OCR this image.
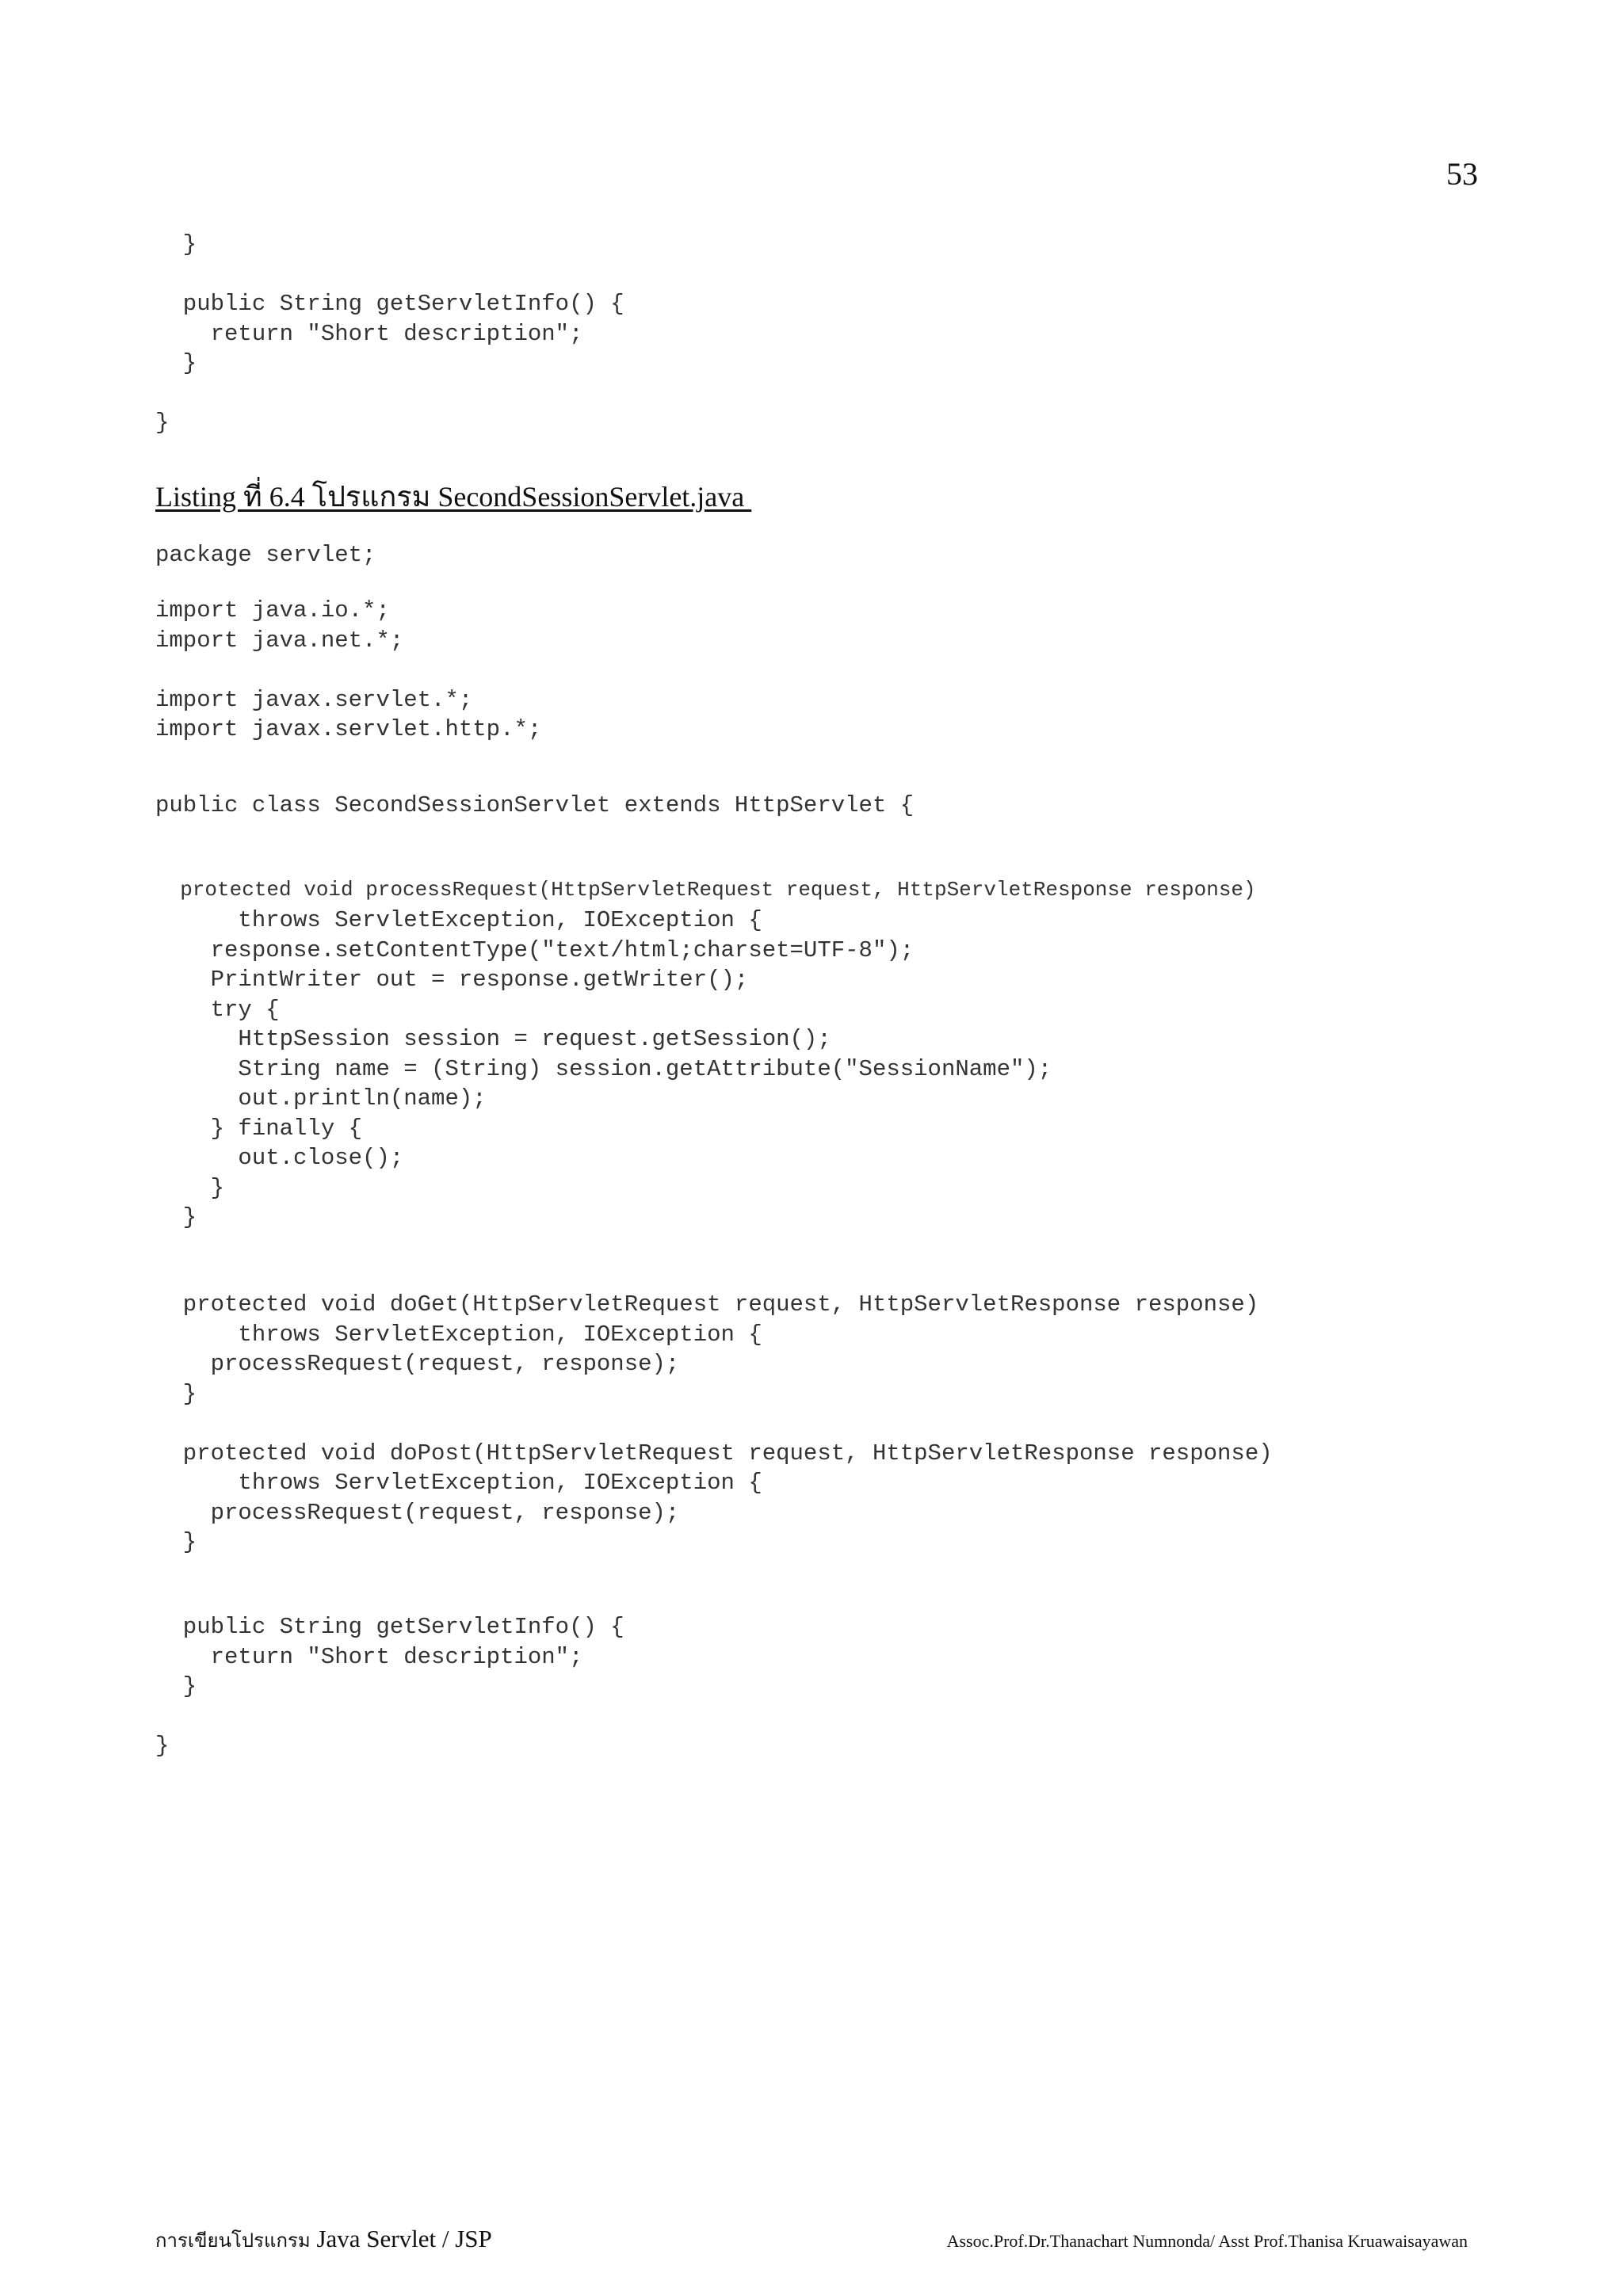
53
}

public String getServletInfo() {
return "Short description";
}

}
Listing ที่ 6.4 โปรแกรม SecondSessionServlet.java
package servlet;
import java.io.*;
import java.net.*;

import javax.servlet.*;
import javax.servlet.http.*;
public class SecondSessionServlet extends HttpServlet {
protected void processRequest(HttpServletRequest request, HttpServletResponse response)
throws ServletException, IOException {
response.setContentType("text/html;charset=UTF-8");
PrintWriter out = response.getWriter();
try {
HttpSession session = request.getSession();
String name = (String) session.getAttribute("SessionName");
out.println(name);
} finally {
out.close();
}
}
protected void doGet(HttpServletRequest request, HttpServletResponse response)
throws ServletException, IOException {
processRequest(request, response);
}

protected void doPost(HttpServletRequest request, HttpServletResponse response)
throws ServletException, IOException {
processRequest(request, response);
}
public String getServletInfo() {
return "Short description";
}

}
การเขียนโปรแกรม Java Servlet / JSP	Assoc.Prof.Dr.Thanachart Numnonda/ Asst Prof.Thanisa Kruawaisayawan
